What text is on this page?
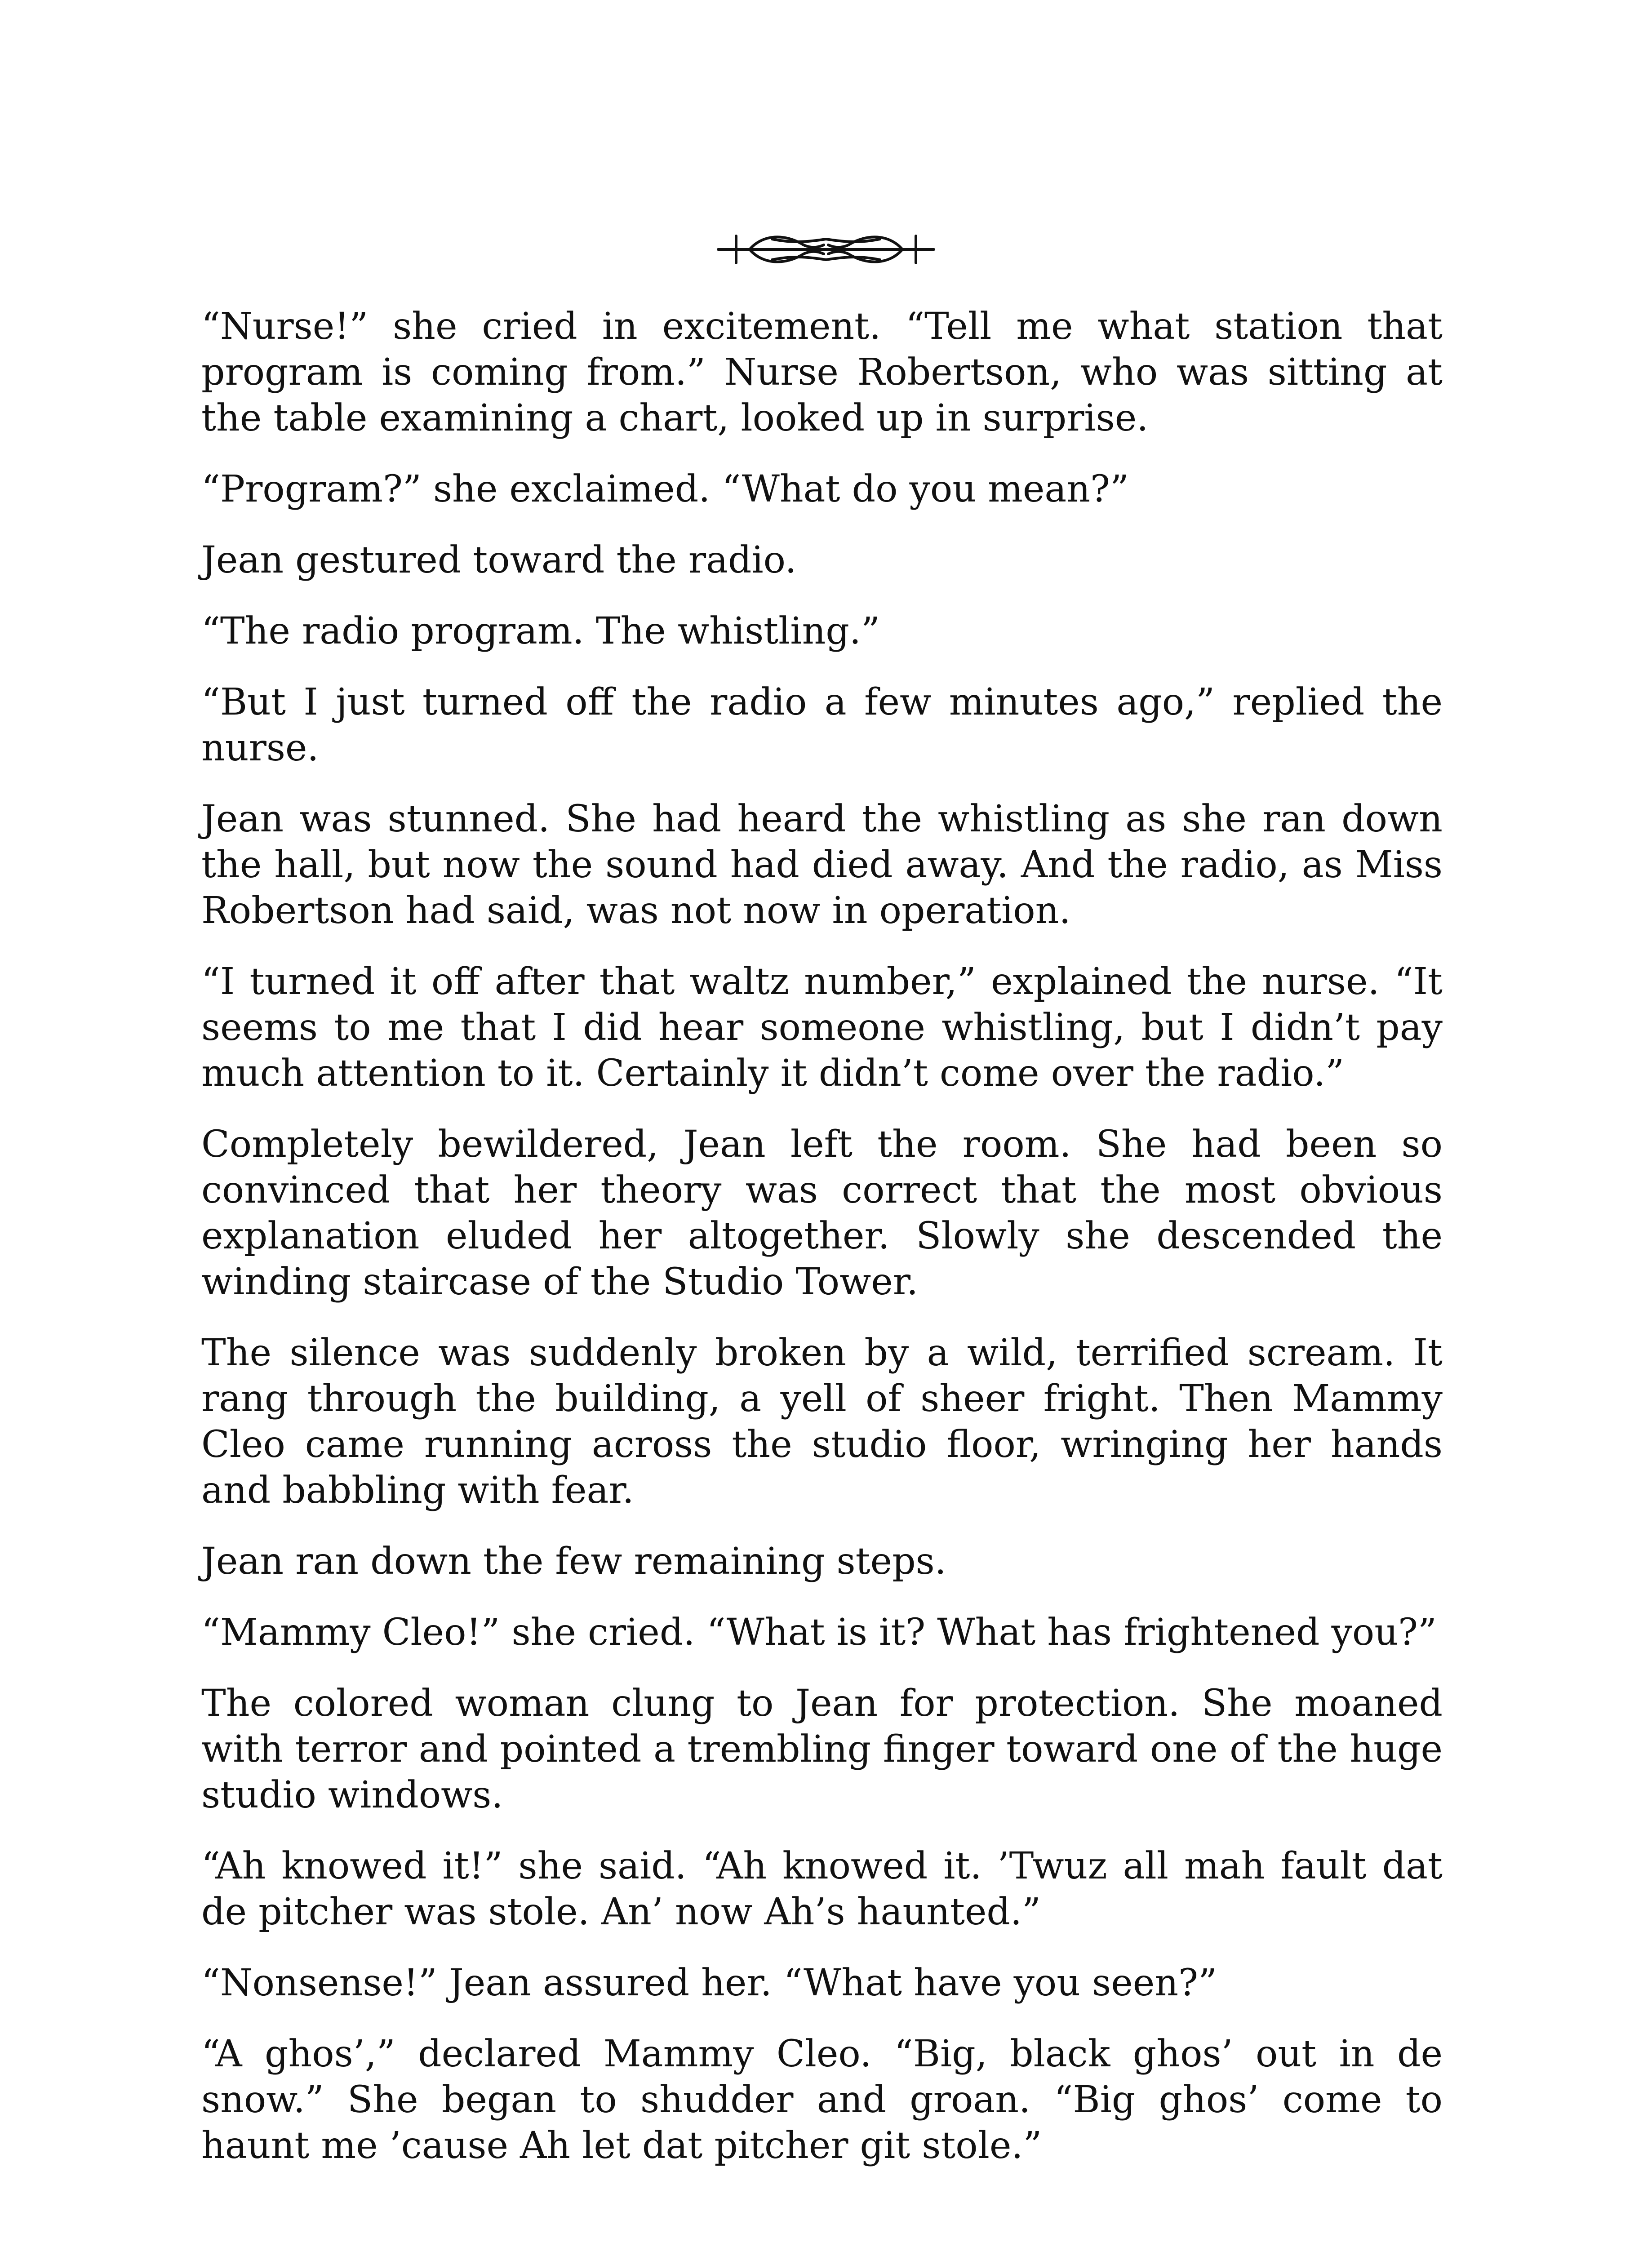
“Nurse!” she cried in excitement. “Tell me what station that program is coming from.” Nurse Robertson, who was sitting at the table examining a chart, looked up in surprise.

“Program?” she exclaimed. “What do you mean?”

Jean gestured toward the radio.

“The radio program. The whistling.”

“But I just turned off the radio a few minutes ago,” replied the nurse.

Jean was stunned. She had heard the whistling as she ran down the hall, but now the sound had died away. And the radio, as Miss Robertson had said, was not now in operation.

“I turned it off after that waltz number,” explained the nurse. “It seems to me that I did hear someone whistling, but I didn’t pay much attention to it. Certainly it didn’t come over the radio.”

Completely bewildered, Jean left the room. She had been so convinced that her theory was correct that the most obvious explanation eluded her altogether. Slowly she descended the winding staircase of the Studio Tower.

The silence was suddenly broken by a wild, terrified scream. It rang through the building, a yell of sheer fright. Then Mammy Cleo came running across the studio floor, wringing her hands and babbling with fear.

Jean ran down the few remaining steps.

“Mammy Cleo!” she cried. “What is it? What has frightened you?”

The colored woman clung to Jean for protection. She moaned with terror and pointed a trembling finger toward one of the huge studio windows.

“Ah knowed it!” she said. “Ah knowed it. ’Twuz all mah fault dat de pitcher was stole. An’ now Ah’s haunted.”

“Nonsense!” Jean assured her. “What have you seen?”

“A ghos’,” declared Mammy Cleo. “Big, black ghos’ out in de snow.” She began to shudder and groan. “Big ghos’ come to haunt me ’cause Ah let dat pitcher git stole.”
